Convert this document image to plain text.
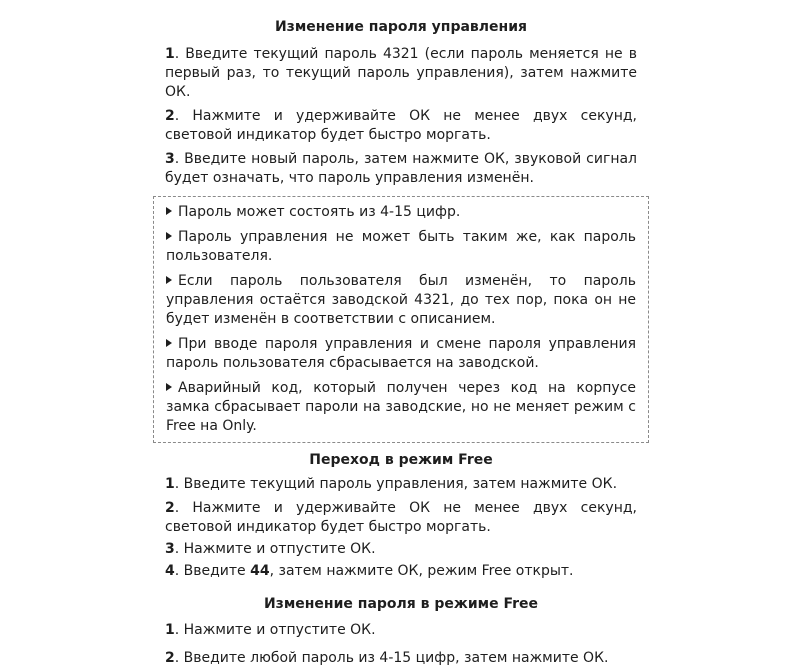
Изменение пароля управления

1. Введите текущий пароль 4321 (если пароль меняется не в первый раз, то текущий пароль управления), затем нажмите ОК.

2. Нажмите и удерживайте ОК не менее двух секунд, световой индикатор будет быстро моргать.

3. Введите новый пароль, затем нажмите ОК, звуковой сигнал будет означать, что пароль управления изменён.

Пароль может состоять из 4-15 цифр.

Пароль управления не может быть таким же, как пароль пользователя.

Если пароль пользователя был изменён, то пароль управления остаётся заводской 4321, до тех пор, пока он не будет изменён в соответствии с описанием.

При вводе пароля управления и смене пароля управления пароль пользователя сбрасывается на заводской.

Аварийный код, который получен через код на корпусе замка сбрасывает пароли на заводские, но не меняет режим с Free на Only.

Переход в режим Free

1. Введите текущий пароль управления, затем нажмите ОК.

2. Нажмите и удерживайте ОК не менее двух секунд, световой индикатор будет быстро моргать.

3. Нажмите и отпустите ОК.

4. Введите 44, затем нажмите ОК, режим Free открыт.

Изменение пароля в режиме Free

1. Нажмите и отпустите ОК.

2. Введите любой пароль из 4-15 цифр, затем нажмите ОК.
